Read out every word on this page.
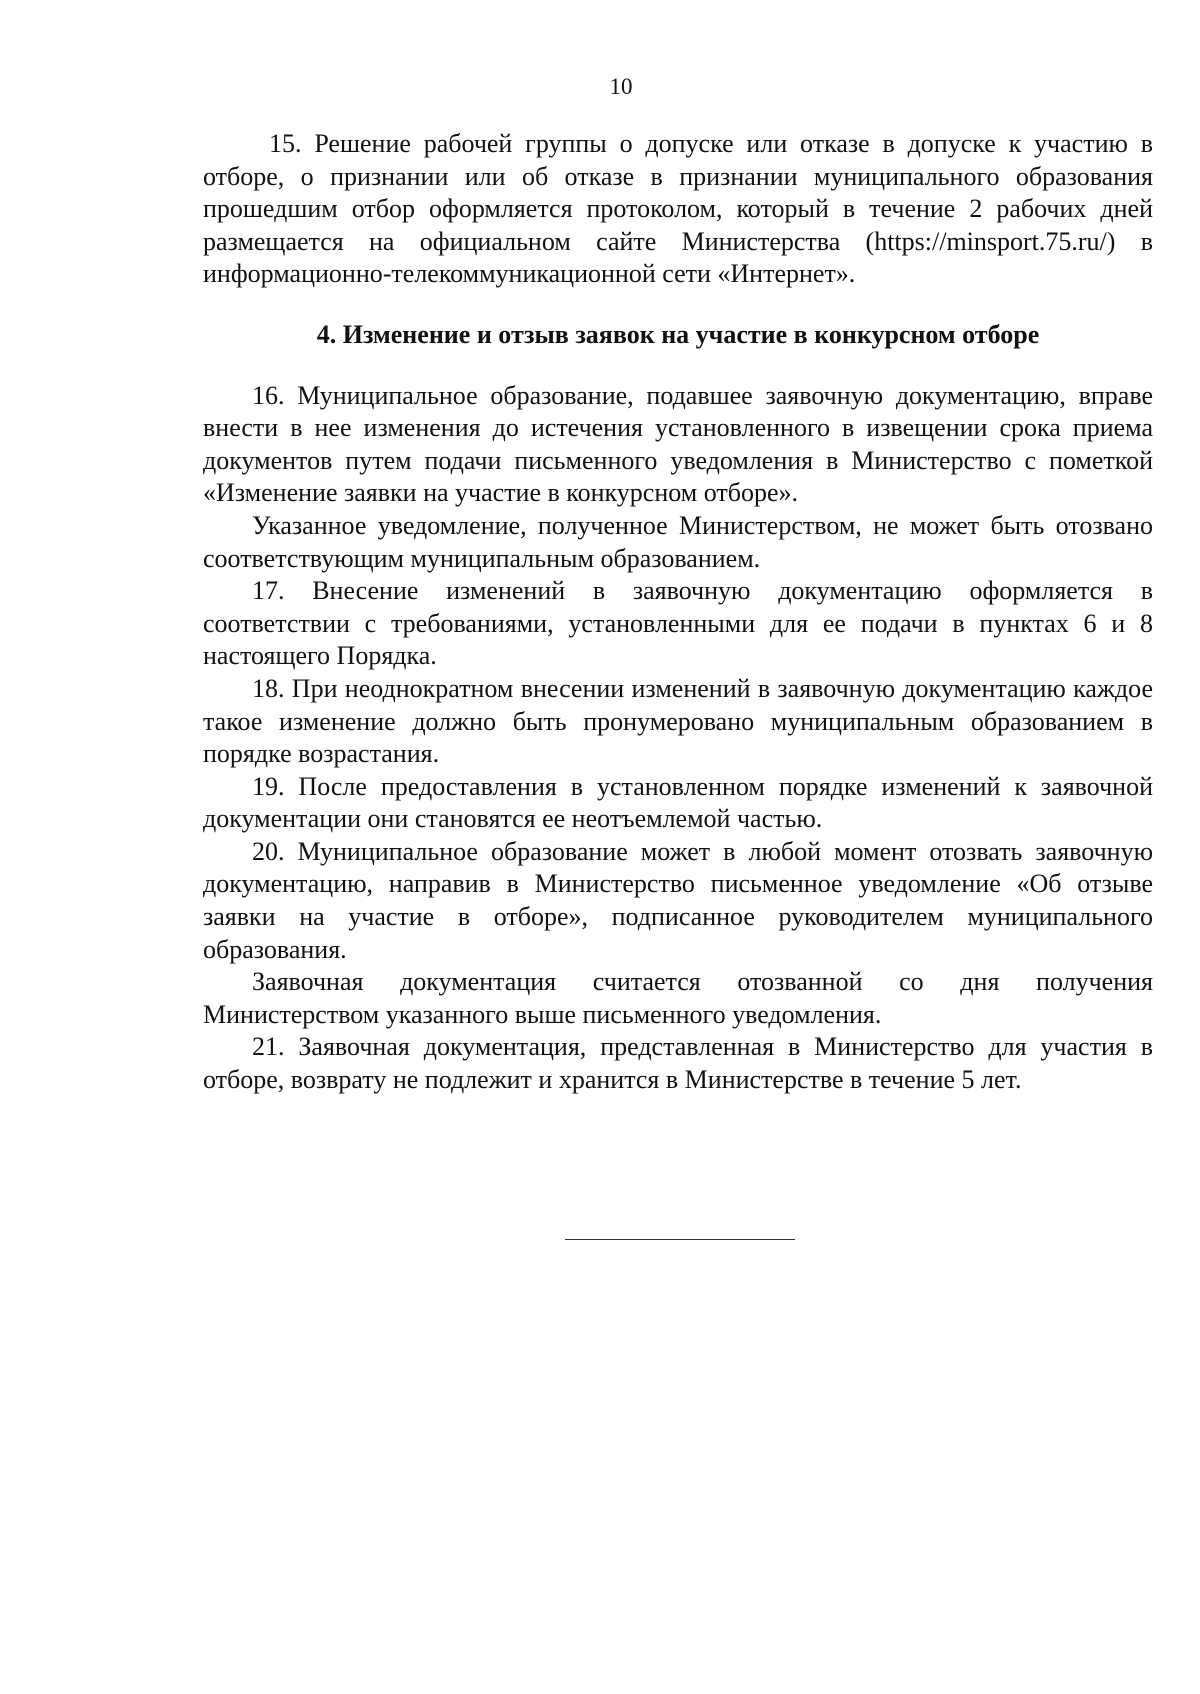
10

15. Решение рабочей группы о допуске или отказе в допуске к участию в отборе, о признании или об отказе в признании муниципального образования прошедшим отбор оформляется протоколом, который в течение 2 рабочих дней размещается на официальном сайте Министерства (https://minsport.75.ru/) в информационно-телекоммуникационной сети «Интернет».

4. Изменение и отзыв заявок на участие в конкурсном отборе

16. Муниципальное образование, подавшее заявочную документацию, вправе внести в нее изменения до истечения установленного в извещении срока приема документов путем подачи письменного уведомления в Министерство с пометкой «Изменение заявки на участие в конкурсном отборе».

Указанное уведомление, полученное Министерством, не может быть отозвано соответствующим муниципальным образованием.

17. Внесение изменений в заявочную документацию оформляется в соответствии с требованиями, установленными для ее подачи в пунктах 6 и 8 настоящего Порядка.

18. При неоднократном внесении изменений в заявочную документацию каждое такое изменение должно быть пронумеровано муниципальным образованием в порядке возрастания.

19. После предоставления в установленном порядке изменений к заявочной документации они становятся ее неотъемлемой частью.

20. Муниципальное образование может в любой момент отозвать заявочную документацию, направив в Министерство письменное уведомление «Об отзыве заявки на участие в отборе», подписанное руководителем муниципального образования.

Заявочная документация считается отозванной со дня получения Министерством указанного выше письменного уведомления.

21. Заявочная документация, представленная в Министерство для участия в отборе, возврату не подлежит и хранится в Министерстве в течение 5 лет.
